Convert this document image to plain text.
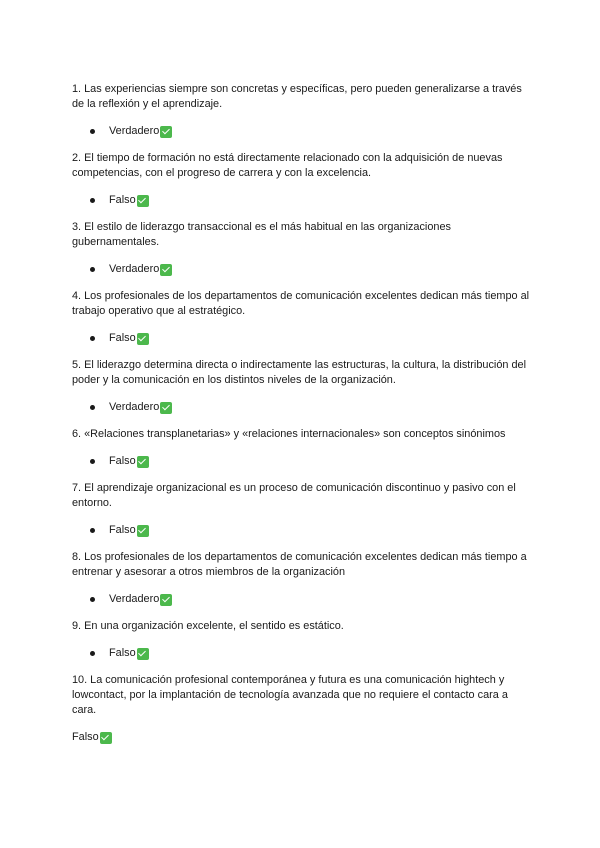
1. Las experiencias siempre son concretas y específicas, pero pueden generalizarse a través de la reflexión y el aprendizaje.

Verdadero

2. El tiempo de formación no está directamente relacionado con la adquisición de nuevas competencias, con el progreso de carrera y con la excelencia.

Falso

3. El estilo de liderazgo transaccional es el más habitual en las organizaciones gubernamentales.

Verdadero

4. Los profesionales de los departamentos de comunicación excelentes dedican más tiempo al trabajo operativo que al estratégico.

Falso

5. El liderazgo determina directa o indirectamente las estructuras, la cultura, la distribución del poder y la comunicación en los distintos niveles de la organización.

Verdadero

6. «Relaciones transplanetarias» y «relaciones internacionales» son conceptos sinónimos

Falso

7. El aprendizaje organizacional es un proceso de comunicación discontinuo y pasivo con el entorno.

Falso

8. Los profesionales de los departamentos de comunicación excelentes dedican más tiempo a entrenar y asesorar a otros miembros de la organización

Verdadero

9. En una organización excelente, el sentido es estático.

Falso

10. La comunicación profesional contemporánea y futura es una comunicación hightech y lowcontact, por la implantación de tecnología avanzada que no requiere el contacto cara a cara.

Falso
